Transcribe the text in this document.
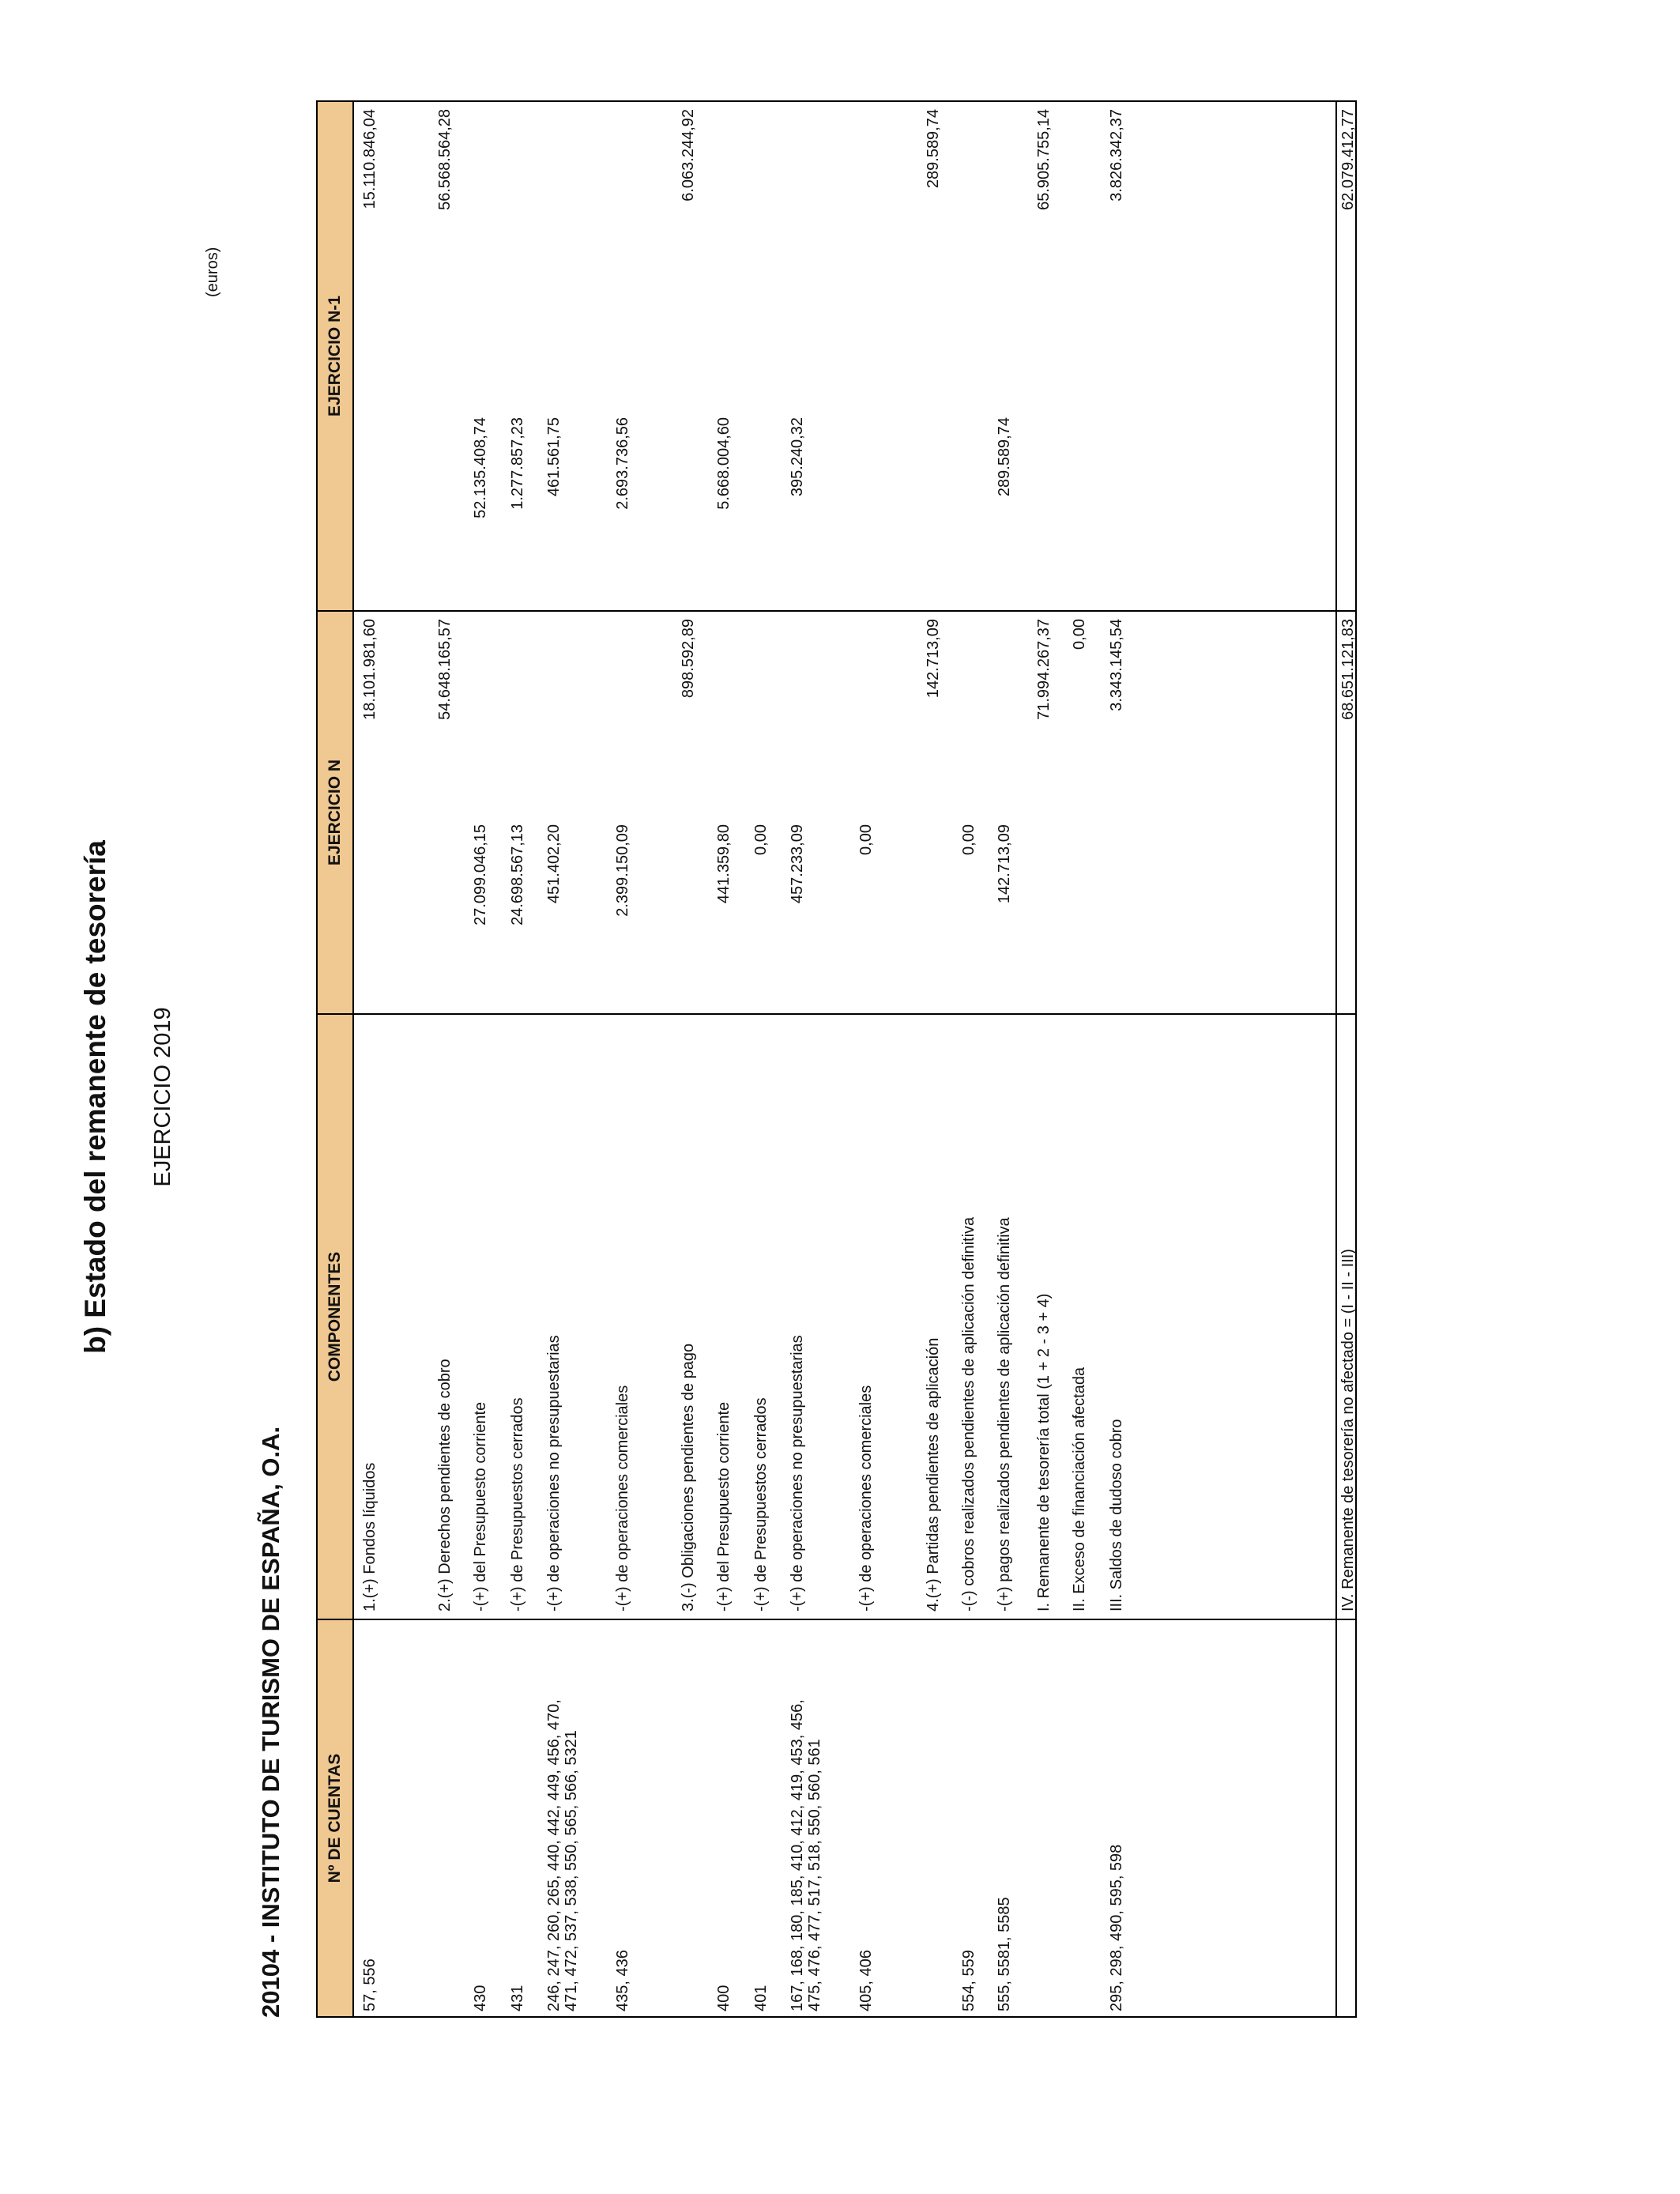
b) Estado del remanente de tesorería EJERCICIO 2019
20104 - INSTITUTO DE TURISMO DE ESPAÑA, O.A.
(euros)
Nº DE CUENTAS
COMPONENTES
EJERCICIO N
EJERCICIO N-1
57, 556
1.(+) Fondos líquidos
18.101.981,60
15.110.846,04
2.(+) Derechos pendientes de cobro
54.648.165,57
56.568.564,28
430
-(+) del Presupuesto corriente
27.099.046,15
52.135.408,74
431
-(+) de Presupuestos cerrados
24.698.567,13
1.277.857,23
246, 247, 260, 265, 440, 442, 449, 456, 470, 471, 472, 537, 538, 550, 565, 566, 5321
-(+) de operaciones no presupuestarias
451.402,20
461.561,75
435, 436
-(+) de operaciones comerciales
2.399.150,09
2.693.736,56
3.(-) Obligaciones pendientes de pago
898.592,89
6.063.244,92
400
-(+) del Presupuesto corriente
441.359,80
5.668.004,60
401
-(+) de Presupuestos cerrados
0,00
167, 168, 180, 185, 410, 412, 419, 453, 456, 475, 476, 477, 517, 518, 550, 560, 561
-(+) de operaciones no presupuestarias
457.233,09
395.240,32
405, 406
-(+) de operaciones comerciales
0,00
4.(+) Partidas pendientes de aplicación
142.713,09
289.589,74
554, 559
-(-) cobros realizados pendientes de aplicación definitiva
0,00
555, 5581, 5585
-(+) pagos realizados pendientes de aplicación definitiva
142.713,09
289.589,74
I. Remanente de tesorería total (1 + 2 - 3 + 4)
71.994.267,37
65.905.755,14
II. Exceso de financiación afectada
0,00
295, 298, 490, 595, 598
III. Saldos de dudoso cobro
3.343.145,54
3.826.342,37
IV. Remanente de tesorería no afectado = (I - II - III)
68.651.121,83
62.079.412,77
